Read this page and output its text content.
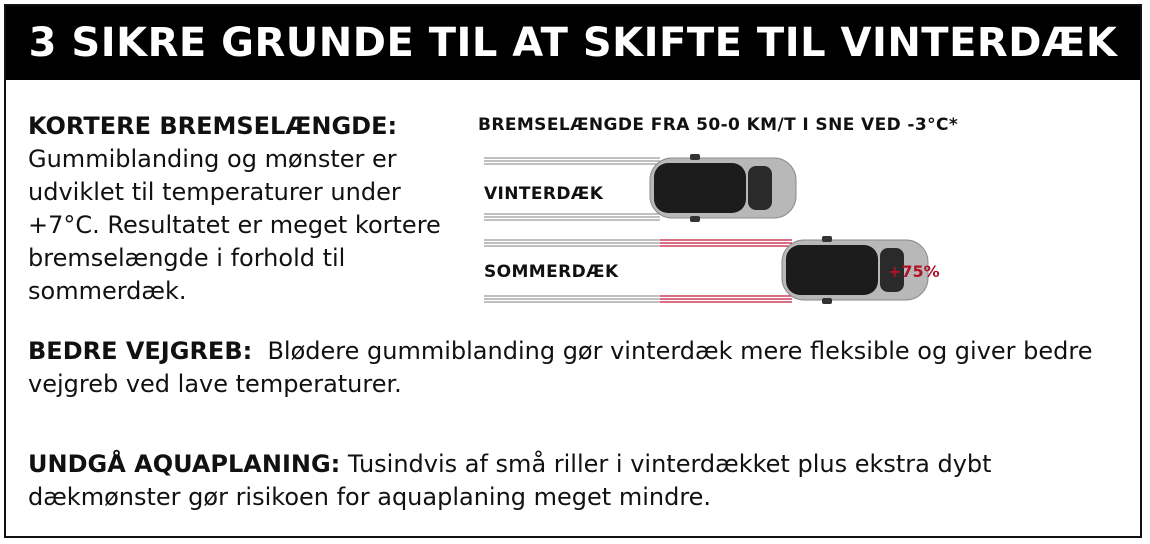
3 SIKRE GRUNDE TIL AT SKIFTE TIL VINTERDÆK
KORTERE BREMSELÆNGDE:
Gummiblanding og mønster er udviklet til temperaturer under +7°C. Resultatet er meget kortere bremselængde i forhold til sommerdæk.
BREMSELÆNGDE FRA 50-0 KM/T I SNE VED -3°C*
VINTERDÆK
SOMMERDÆK	+75%
BEDRE VEJGREB: Blødere gummiblanding gør vinterdæk mere fleksible og giver bedre vejgreb ved lave temperaturer.
UNDGÅ AQUAPLANING: Tusindvis af små riller i vinterdækket plus ekstra dybt dækmønster gør risikoen for aquaplaning meget mindre.
